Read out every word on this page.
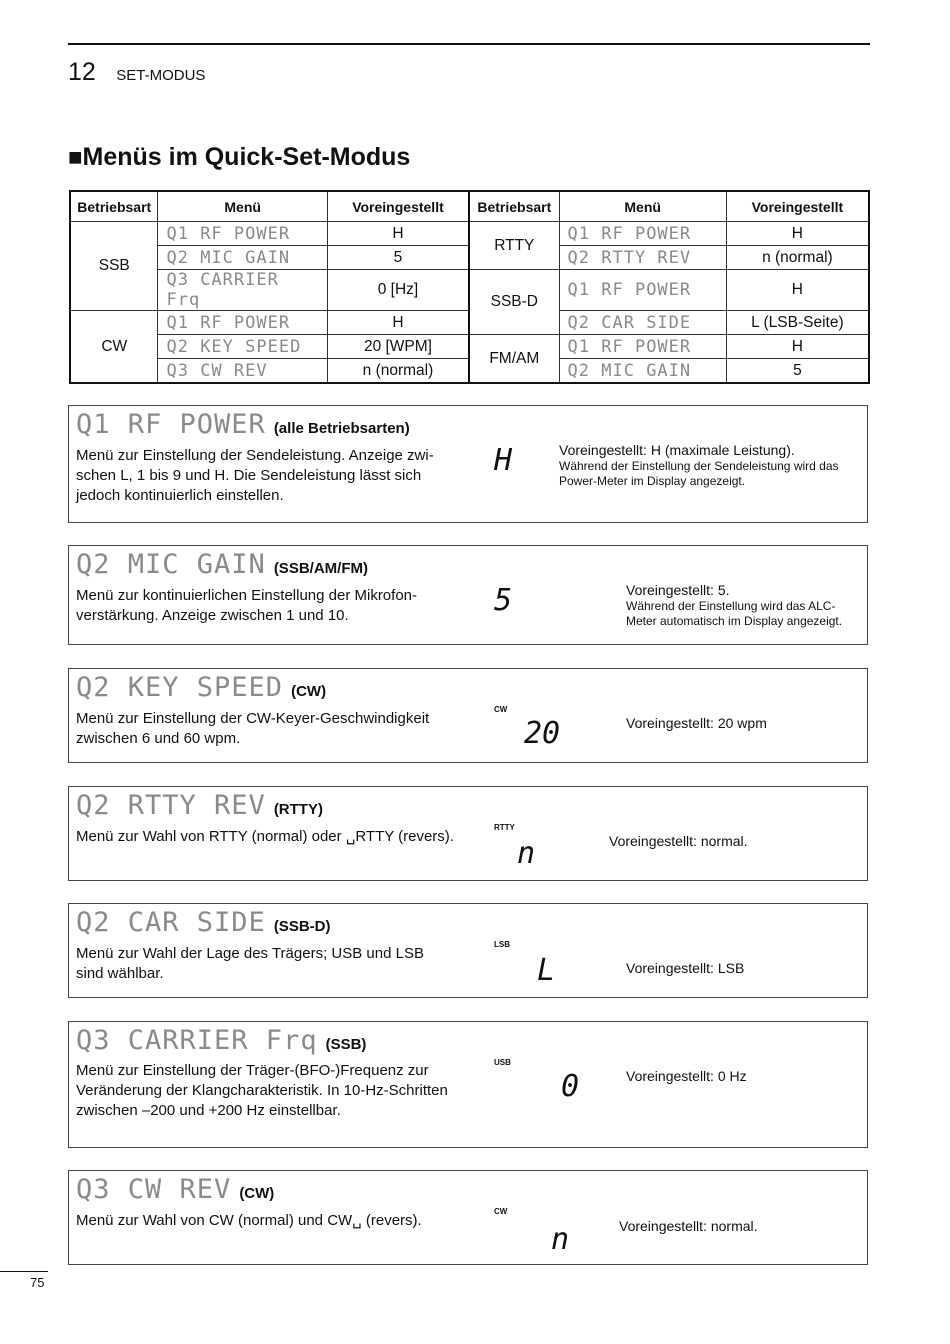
12 SET-MODUS
■Menüs im Quick-Set-Modus
Betriebsart	Menü	Voreingestellt	Betriebsart	Menü	Voreingestellt
SSB	Q1 RF POWER	H	RTTY	Q1 RF POWER	H
	Q2 MIC GAIN	5		Q2 RTTY REV	n (normal)
	Q3 CARRIER Frq	0 [Hz]	SSB-D	Q1 RF POWER	H
CW	Q1 RF POWER	H		Q2 CAR SIDE	L (LSB-Seite)
	Q2 KEY SPEED	20 [WPM]	FM/AM	Q1 RF POWER	H
	Q3 CW REV	n (normal)		Q2 MIC GAIN	5
Q1 RF POWER (alle Betriebsarten)
Menü zur Einstellung der Sendeleistung. Anzeige zwischen L, 1 bis 9 und H. Die Sendeleistung lässt sich jedoch kontinuierlich einstellen.
H	Voreingestellt: H (maximale Leistung).
Während der Einstellung der Sendeleistung wird das Power-Meter im Display angezeigt.
Q2 MIC GAIN (SSB/AM/FM)
Menü zur kontinuierlichen Einstellung der Mikrofonverstärkung. Anzeige zwischen 1 und 10.	5	Voreingestellt: 5.
Während der Einstellung wird das ALC-Meter automatisch im Display angezeigt.
Q2 KEY SPEED (CW)
Menü zur Einstellung der CW-Keyer-Geschwindigkeit zwischen 6 und 60 wpm.
CW
20	Voreingestellt: 20 wpm
Q2 RTTY REV (RTTY)
Menü zur Wahl von RTTY (normal) oder ␣RTTY (revers).
RTTY
n	Voreingestellt: normal.
Q2 CAR SIDE (SSB-D)
Menü zur Wahl der Lage des Trägers; USB und LSB sind wählbar.
LSB
L	Voreingestellt: LSB
Q3 CARRIER Frq (SSB)
Menü zur Einstellung der Träger-(BFO-)Frequenz zur Veränderung der Klangcharakteristik. In 10-Hz-Schritten zwischen –200 und +200 Hz einstellbar.
USB
0	Voreingestellt: 0 Hz
Q3 CW REV (CW)
Menü zur Wahl von CW (normal) und CW␣ (revers).
CW
n	Voreingestellt: normal.
75
